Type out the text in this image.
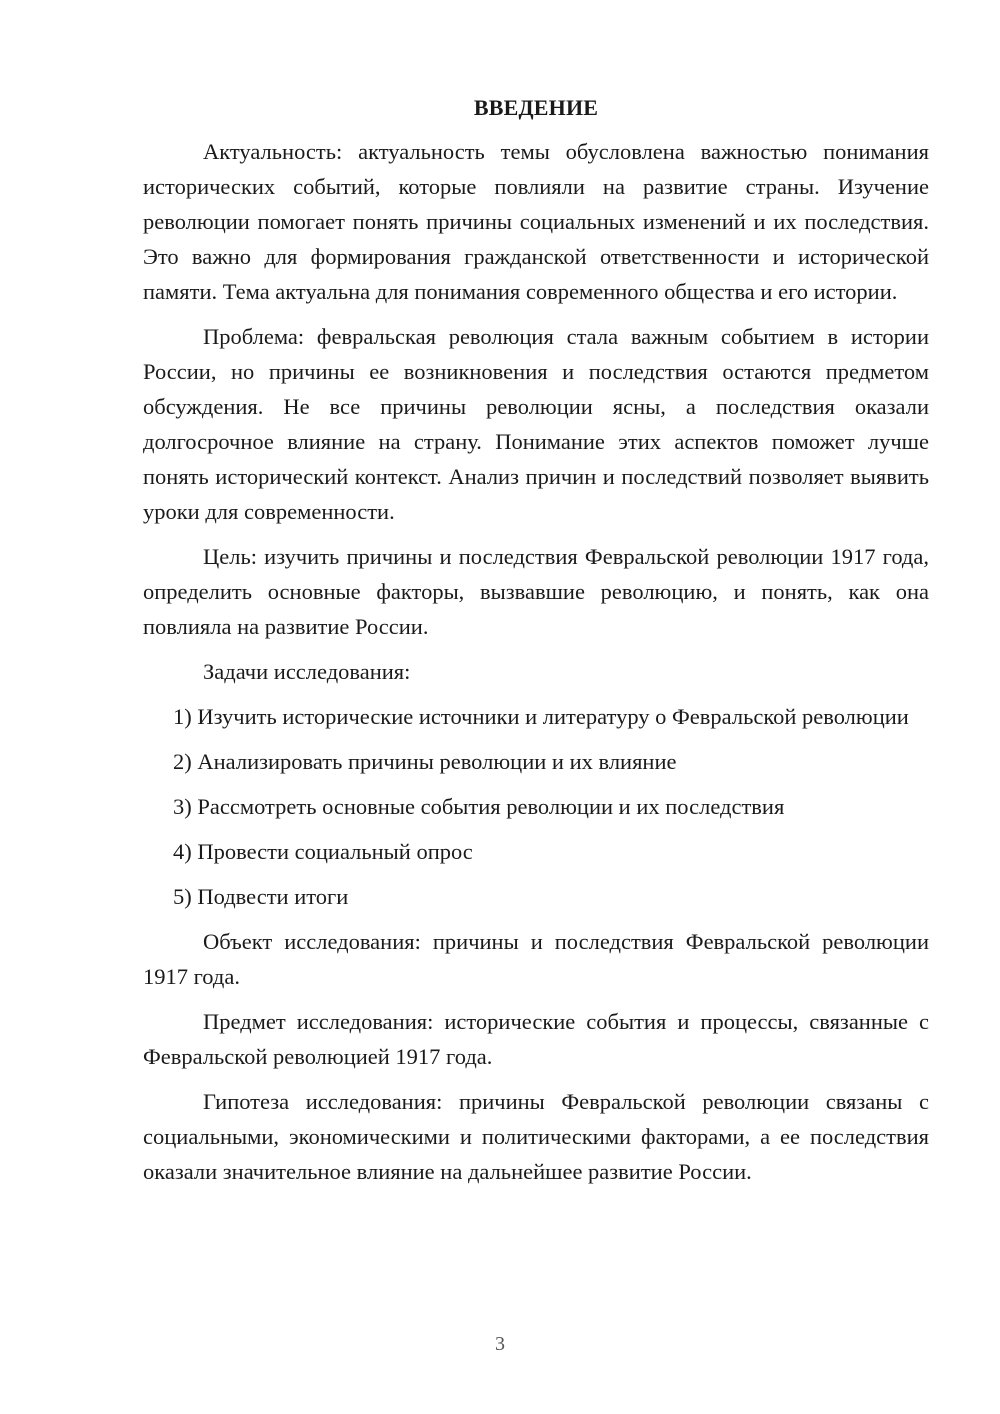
ВВЕДЕНИЕ

Актуальность: актуальность темы обусловлена важностью понимания исторических событий, которые повлияли на развитие страны. Изучение революции помогает понять причины социальных изменений и их последствия. Это важно для формирования гражданской ответственности и исторической памяти. Тема актуальна для понимания современного общества и его истории.

Проблема: февральская революция стала важным событием в истории России, но причины ее возникновения и последствия остаются предметом обсуждения. Не все причины революции ясны, а последствия оказали долгосрочное влияние на страну. Понимание этих аспектов поможет лучше понять исторический контекст. Анализ причин и последствий позволяет выявить уроки для современности.

Цель: изучить причины и последствия Февральской революции 1917 года, определить основные факторы, вызвавшие революцию, и понять, как она повлияла на развитие России.

Задачи исследования:

1) Изучить исторические источники и литературу о Февральской революции

2) Анализировать причины революции и их влияние

3) Рассмотреть основные события революции и их последствия

4) Провести социальный опрос

5) Подвести итоги

Объект исследования: причины и последствия Февральской революции 1917 года.

Предмет исследования: исторические события и процессы, связанные с Февральской революцией 1917 года.

Гипотеза исследования: причины Февральской революции связаны с социальными, экономическими и политическими факторами, а ее последствия оказали значительное влияние на дальнейшее развитие России.

3
